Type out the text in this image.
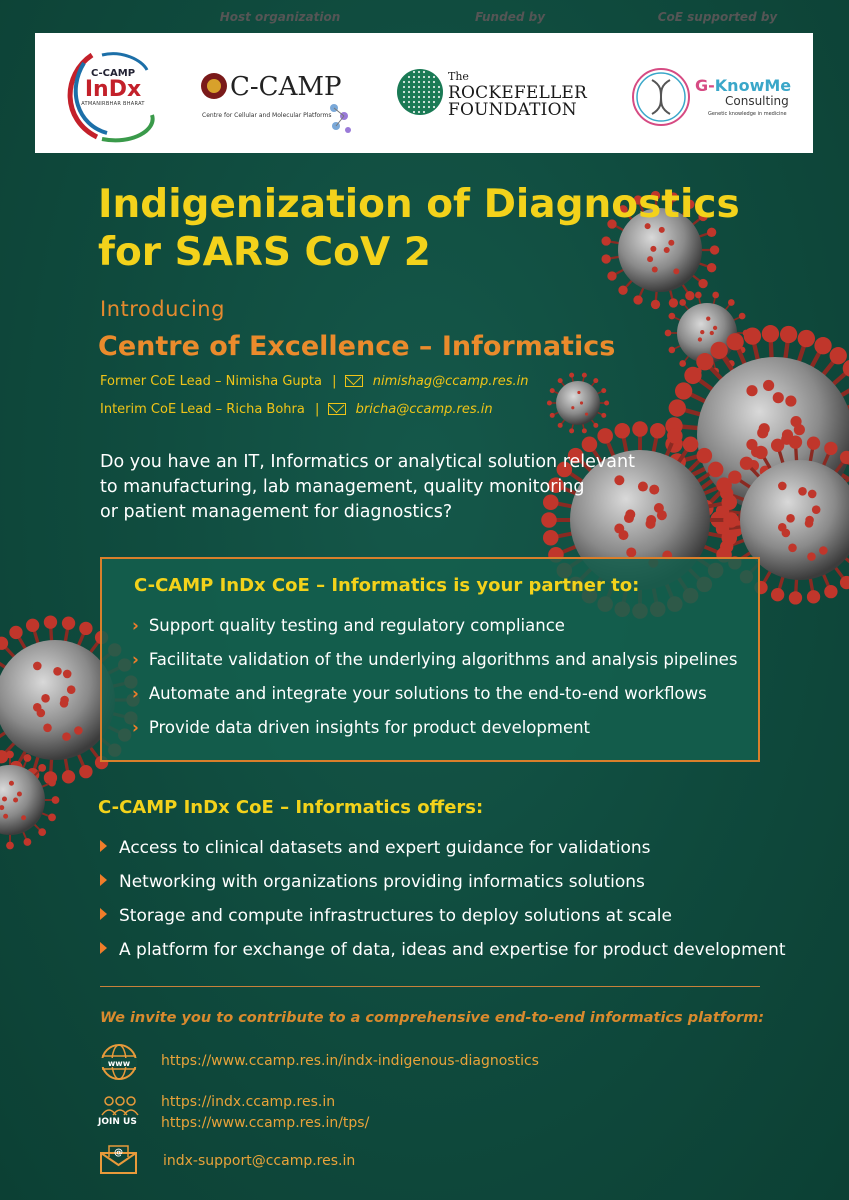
Host organization	Funded by	CoE supported by
C-CAMP
InDx
ATMANIRBHAR BHARAT
C-CAMP
Centre for Cellular and Molecular Platforms
The
ROCKEFELLER
FOUNDATION
G-KnowMe
Consulting
Genetic knowledge in medicine
Indigenization of Diagnostics
for SARS CoV 2
Introducing
Centre of Excellence – Informatics
Former CoE Lead – Nimisha Gupta |	nimishag@ccamp.res.in
Interim CoE Lead – Richa Bohra |	bricha@ccamp.res.in
Do you have an IT, Informatics or analytical solution relevant
to manufacturing, lab management, quality monitoring
or patient management for diagnostics?
C-CAMP InDx CoE – Informatics is your partner to:
› Support quality testing and regulatory compliance
› Facilitate validation of the underlying algorithms and analysis pipelines
› Automate and integrate your solutions to the end-to-end workflows
› Provide data driven insights for product development
C-CAMP InDx CoE – Informatics offers:
Access to clinical datasets and expert guidance for validations
Networking with organizations providing informatics solutions
Storage and compute infrastructures to deploy solutions at scale
A platform for exchange of data, ideas and expertise for product development
We invite you to contribute to a comprehensive end-to-end informatics platform:
www https://www.ccamp.res.in/indx-indigenous-diagnostics
JOIN US
https://indx.ccamp.res.in
https://www.ccamp.res.in/tps/
@	indx-support@ccamp.res.in
